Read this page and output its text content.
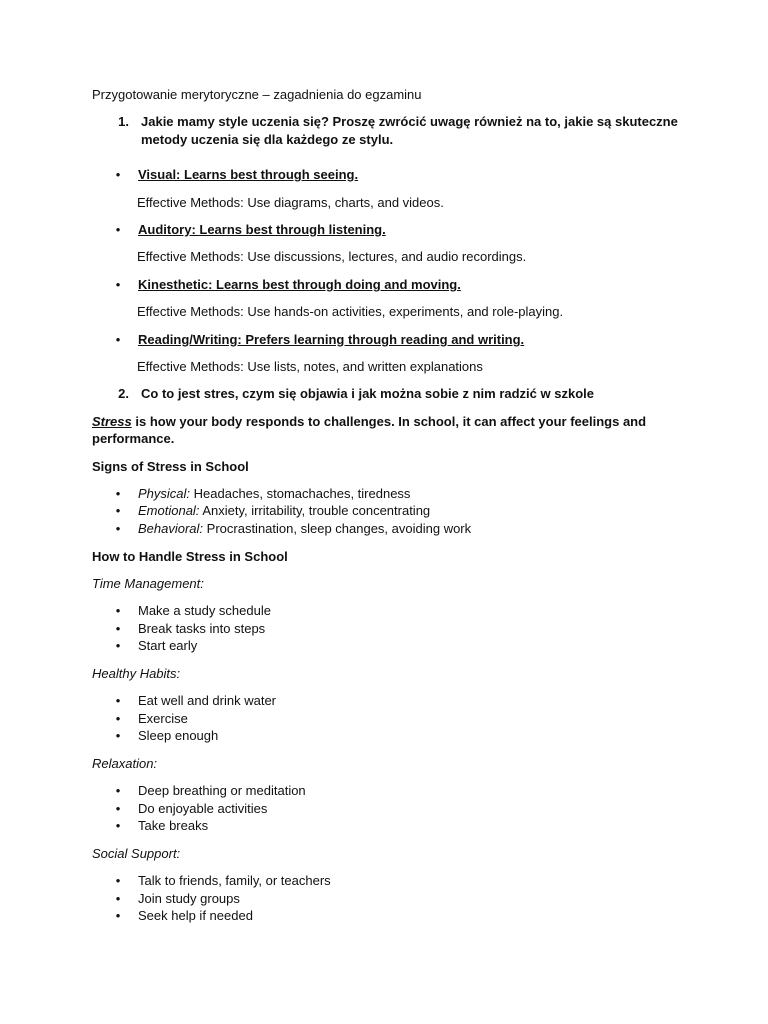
Przygotowanie merytoryczne – zagadnienia do egzaminu
1. Jakie mamy style uczenia się? Proszę zwrócić uwagę również na to, jakie są skuteczne
metody uczenia się dla każdego ze stylu.
• Visual: Learns best through seeing.
Effective Methods: Use diagrams, charts, and videos.
• Auditory: Learns best through listening.
Effective Methods: Use discussions, lectures, and audio recordings.
• Kinesthetic: Learns best through doing and moving.
Effective Methods: Use hands-on activities, experiments, and role-playing.
• Reading/Writing: Prefers learning through reading and writing.
Effective Methods: Use lists, notes, and written explanations
2. Co to jest stres, czym się objawia i jak można sobie z nim radzić w szkole
Stress is how your body responds to challenges. In school, it can affect your feelings and
performance.
Signs of Stress in School
• Physical: Headaches, stomachaches, tiredness
• Emotional: Anxiety, irritability, trouble concentrating
• Behavioral: Procrastination, sleep changes, avoiding work
How to Handle Stress in School
Time Management:
• Make a study schedule
• Break tasks into steps
• Start early
Healthy Habits:
• Eat well and drink water
• Exercise
• Sleep enough
Relaxation:
• Deep breathing or meditation
• Do enjoyable activities
• Take breaks
Social Support:
• Talk to friends, family, or teachers
• Join study groups
• Seek help if needed
